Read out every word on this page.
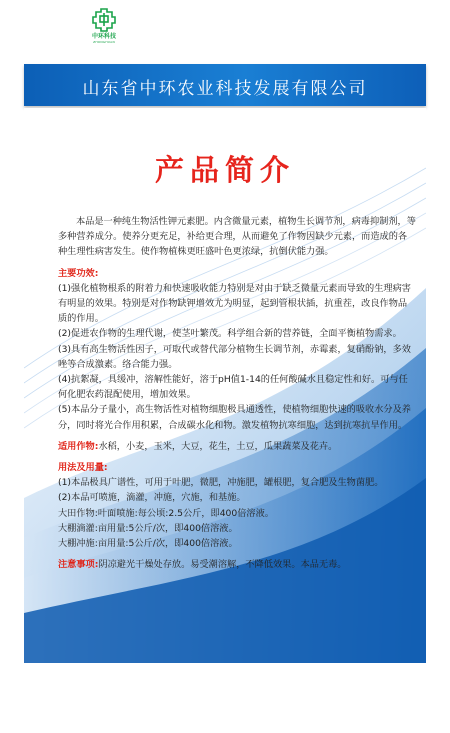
中环科技
ZHONGHUAN
山东省中环农业科技发展有限公司
产品简介

本品是一种纯生物活性钾元素肥。内含微量元素，植物生长调节剂，病毒抑制剂，等多种营养成分。使养分更充足，补给更合理，从而避免了作物因缺少元素，而造成的各种生理性病害发生。使作物植株更旺盛叶色更浓绿，抗倒伏能力强。

主要功效:

(1)强化植物根系的附着力和快速吸收能力特别是对由于缺乏微量元素而导致的生理病害有明显的效果。特别是对作物缺钾增效尤为明显，起到管根状插，抗重茬，改良作物品质的作用。

(2)促进农作物的生理代谢，使茎叶繁茂。科学组合新的营养链，全面平衡植物需求。

(3)具有高生物活性因子，可取代或替代部分植物生长调节剂，赤霉素，复硝酚钠，多效唑等合成激素。络合能力强。

(4)抗絮凝，具缓冲，溶解性能好，溶于pH值1-14的任何酸碱水且稳定性和好。可与任何化肥农药混配使用，增加效果。

(5)本品分子量小，高生物活性对植物细胞极具通透性，使植物细胞快速的吸收水分及养分，同时将光合作用积累，合成碳水化和物。激发植物抗寒细胞，达到抗寒抗旱作用。

适用作物:水稻，小麦，玉米，大豆，花生，土豆，瓜果蔬菜及花卉。

用法及用量:

(1)本品极具广谱性，可用于叶肥，微肥，冲施肥，罐根肥，复合肥及生物菌肥。

(2)本品可喷施，滴灌，冲施，穴施，和基施。

大田作物:叶面喷施:每公顷:2.5公斤，即400倍溶液。

大棚滴灌:亩用量:5公斤/次，即400倍溶液。

大棚冲施:亩用量:5公斤/次，即400倍溶液。

注意事项:阴凉避光干燥处存放。易受潮溶解，不降低效果。本品无毒。
